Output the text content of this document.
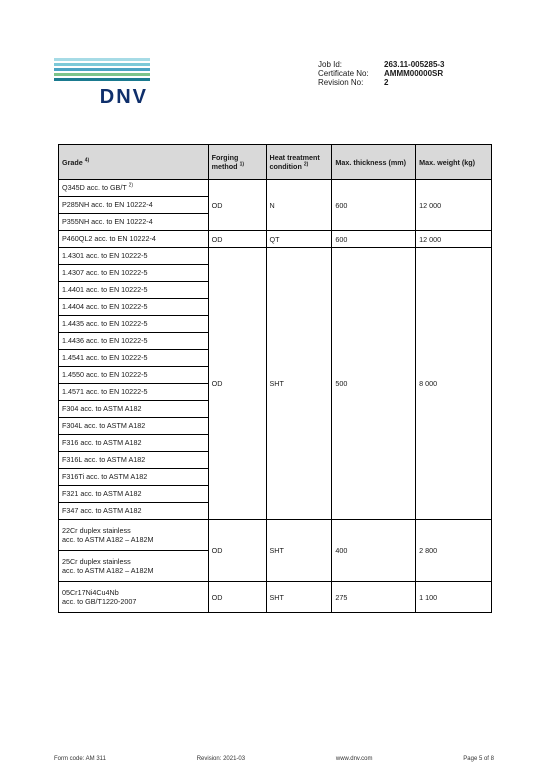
DNV
Job Id:	263.11-005285-3
Certificate No:	AMMM00000SR
Revision No:	2
Grade $^{4)}$	Forging method $^{1)}$	Heat treatment condition $^{2)}$	Max. thickness (mm)	Max. weight (kg)
Q345D acc. to GB/T $^{2)}$	OD	N	600	12 000
P285NH acc. to EN 10222-4				
P355NH acc. to EN 10222-4				
P460QL2 acc. to EN 10222-4	OD	QT	600	12 000
1.4301 acc. to EN 10222-5	OD	SHT	500	8 000
1.4307 acc. to EN 10222-5				
1.4401 acc. to EN 10222-5				
1.4404 acc. to EN 10222-5				
1.4435 acc. to EN 10222-5				
1.4436 acc. to EN 10222-5				
1.4541 acc. to EN 10222-5				
1.4550 acc. to EN 10222-5				
1.4571 acc. to EN 10222-5				
F304 acc. to ASTM A182				
F304L acc. to ASTM A182				
F316 acc. to ASTM A182				
F316L acc. to ASTM A182				
F316Ti acc. to ASTM A182				
F321 acc. to ASTM A182				
F347 acc. to ASTM A182				
22Cr duplex stainless
acc. to ASTM A182 – A182M	OD	SHT	400	2 800
25Cr duplex stainless
acc. to ASTM A182 – A182M				
05Cr17Ni4Cu4Nb
acc. to GB/T1220-2007	OD	SHT	275	1 100
Form code: AM 311	Revision: 2021-03	www.dnv.com	Page 5 of 8
